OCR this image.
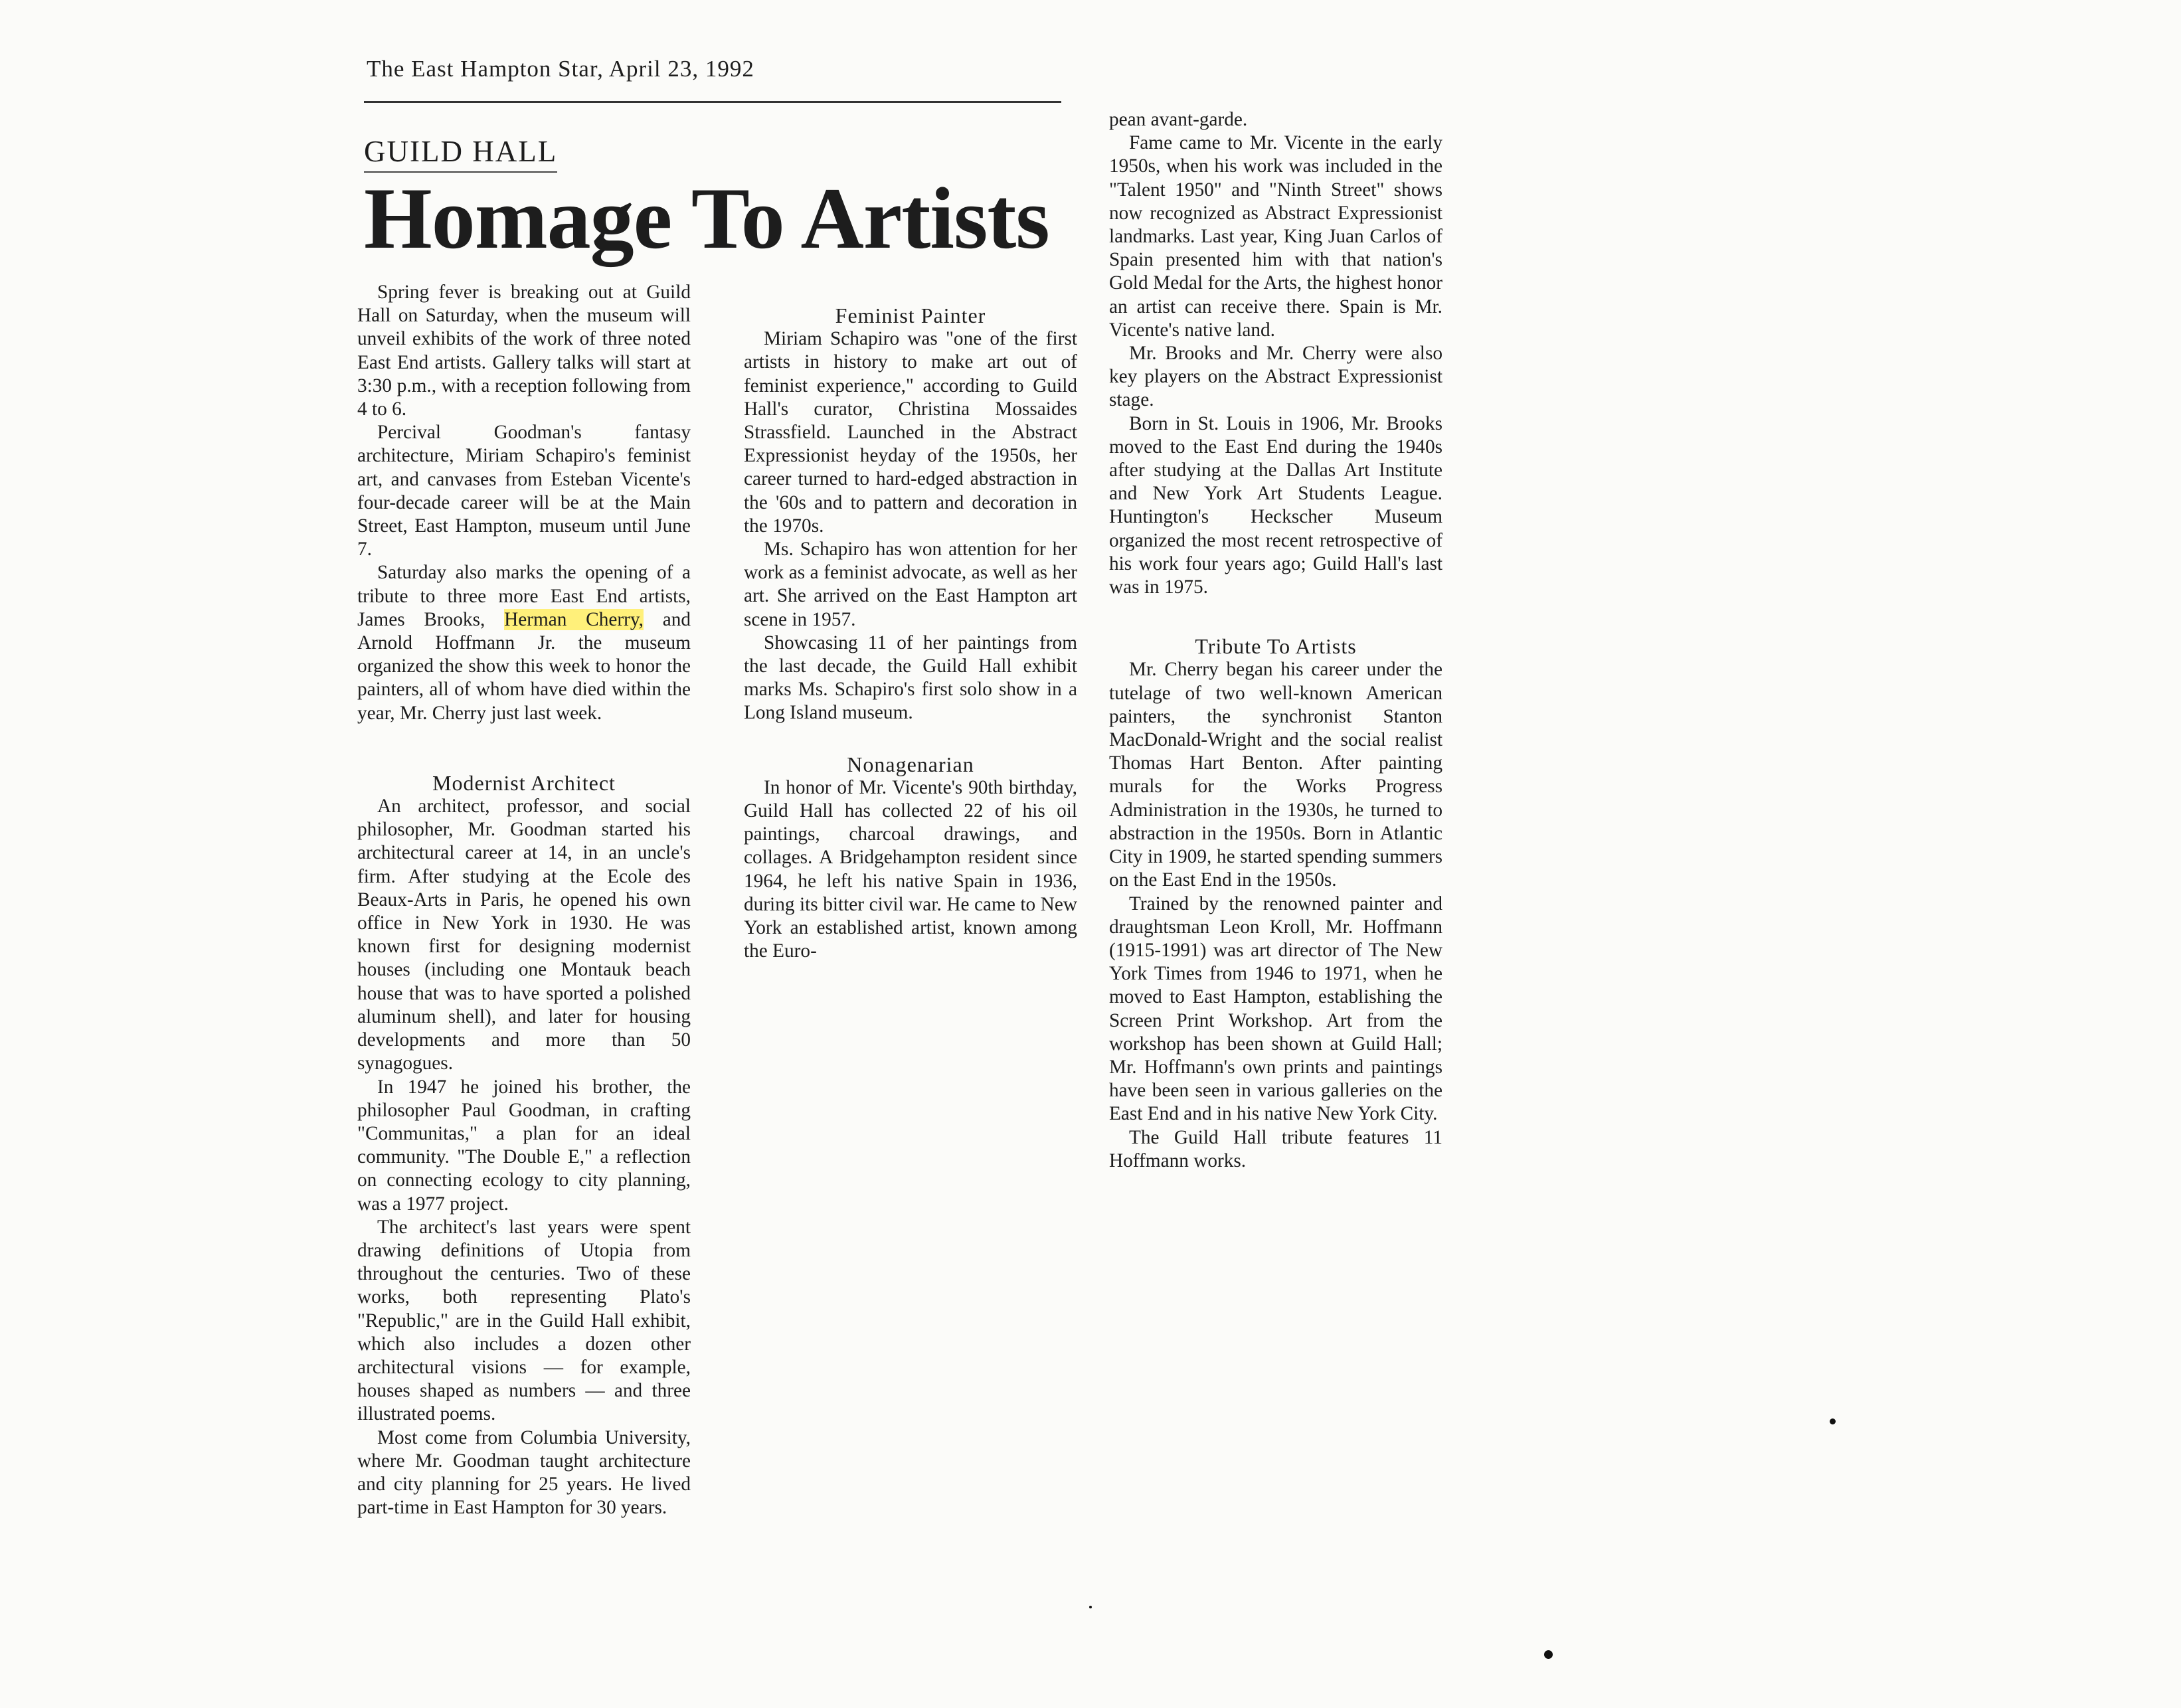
The East Hampton Star, April 23, 1992
GUILD HALL
Homage To Artists

Spring fever is breaking out at Guild Hall on Saturday, when the museum will unveil exhibits of the work of three noted East End artists. Gallery talks will start at 3:30 p.m., with a reception following from 4 to 6.

Percival Goodman's fantasy architecture, Miriam Schapiro's feminist art, and canvases from Esteban Vicente's four-decade career will be at the Main Street, East Hampton, museum until June 7.

Saturday also marks the opening of a tribute to three more East End artists, James Brooks, Herman Cherry, and Arnold Hoffmann Jr. the museum organized the show this week to honor the painters, all of whom have died within the year, Mr. Cherry just last week.

Modernist Architect

An architect, professor, and social philosopher, Mr. Goodman started his architectural career at 14, in an uncle's firm. After studying at the Ecole des Beaux-Arts in Paris, he opened his own office in New York in 1930. He was known first for designing modernist houses (including one Montauk beach house that was to have sported a polished aluminum shell), and later for housing developments and more than 50 synagogues.

In 1947 he joined his brother, the philosopher Paul Goodman, in crafting "Communitas," a plan for an ideal community. "The Double E," a reflection on connecting ecology to city planning, was a 1977 project.

The architect's last years were spent drawing definitions of Utopia from throughout the centuries. Two of these works, both representing Plato's "Republic," are in the Guild Hall exhibit, which also includes a dozen other architectural visions — for example, houses shaped as numbers — and three illustrated poems.

Most come from Columbia University, where Mr. Goodman taught architecture and city planning for 25 years. He lived part-time in East Hampton for 30 years.

Feminist Painter

Miriam Schapiro was "one of the first artists in history to make art out of feminist experience," according to Guild Hall's curator, Christina Mossaides Strassfield. Launched in the Abstract Expressionist heyday of the 1950s, her career turned to hard-edged abstraction in the '60s and to pattern and decoration in the 1970s.

Ms. Schapiro has won attention for her work as a feminist advocate, as well as her art. She arrived on the East Hampton art scene in 1957.

Showcasing 11 of her paintings from the last decade, the Guild Hall exhibit marks Ms. Schapiro's first solo show in a Long Island museum.

Nonagenarian

In honor of Mr. Vicente's 90th birthday, Guild Hall has collected 22 of his oil paintings, charcoal drawings, and collages. A Bridgehampton resident since 1964, he left his native Spain in 1936, during its bitter civil war. He came to New York an established artist, known among the Euro-

pean avant-garde.

Fame came to Mr. Vicente in the early 1950s, when his work was included in the "Talent 1950" and "Ninth Street" shows now recognized as Abstract Expressionist landmarks. Last year, King Juan Carlos of Spain presented him with that nation's Gold Medal for the Arts, the highest honor an artist can receive there. Spain is Mr. Vicente's native land.

Mr. Brooks and Mr. Cherry were also key players on the Abstract Expressionist stage.

Born in St. Louis in 1906, Mr. Brooks moved to the East End during the 1940s after studying at the Dallas Art Institute and New York Art Students League. Huntington's Heckscher Museum organized the most recent retrospective of his work four years ago; Guild Hall's last was in 1975.

Tribute To Artists

Mr. Cherry began his career under the tutelage of two well-known American painters, the synchronist Stanton MacDonald-Wright and the social realist Thomas Hart Benton. After painting murals for the Works Progress Administration in the 1930s, he turned to abstraction in the 1950s. Born in Atlantic City in 1909, he started spending summers on the East End in the 1950s.

Trained by the renowned painter and draughtsman Leon Kroll, Mr. Hoffmann (1915-1991) was art director of The New York Times from 1946 to 1971, when he moved to East Hampton, establishing the Screen Print Workshop. Art from the workshop has been shown at Guild Hall; Mr. Hoffmann's own prints and paintings have been seen in various galleries on the East End and in his native New York City.

The Guild Hall tribute features 11 Hoffmann works.
